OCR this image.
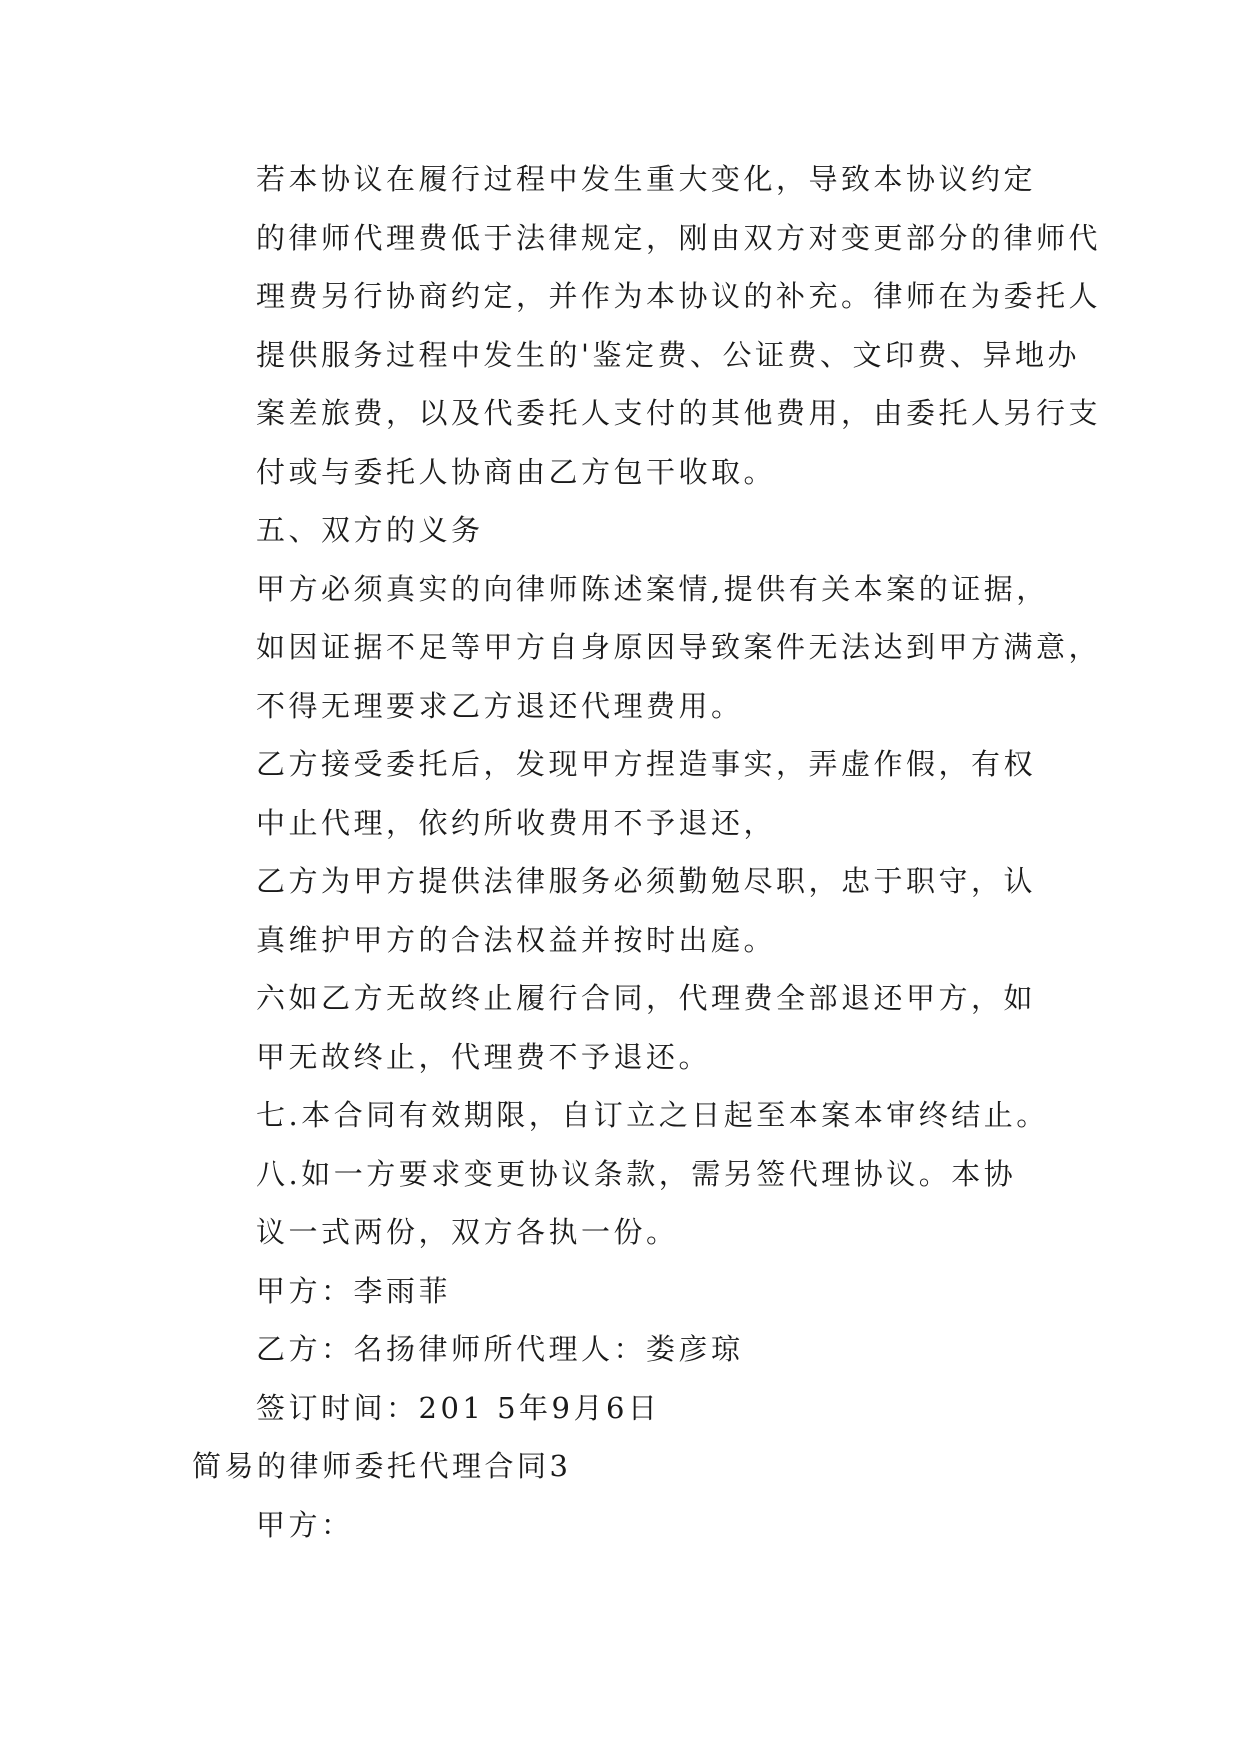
若本协议在履行过程中发生重大变化，导致本协议约定
的律师代理费低于法律规定，刚由双方对变更部分的律师代
理费另行协商约定，并作为本协议的补充。律师在为委托人
提供服务过程中发生的'鉴定费、公证费、文印费、异地办
案差旅费，以及代委托人支付的其他费用，由委托人另行支
付或与委托人协商由乙方包干收取。

五、双方的义务

甲方必须真实的向律师陈述案情,提供有关本案的证据，
如因证据不足等甲方自身原因导致案件无法达到甲方满意，
不得无理要求乙方退还代理费用。

乙方接受委托后，发现甲方捏造事实，弄虚作假，有权
中止代理，依约所收费用不予退还，

乙方为甲方提供法律服务必须勤勉尽职，忠于职守，认
真维护甲方的合法权益并按时出庭。

六如乙方无故终止履行合同，代理费全部退还甲方，如
甲无故终止，代理费不予退还。

七.本合同有效期限，自订立之日起至本案本审终结止。

八.如一方要求变更协议条款，需另签代理协议。本协
议一式两份，双方各执一份。

甲方：李雨菲

乙方：名扬律师所代理人：娄彦琼

签订时间：201 5年9月6日

简易的律师委托代理合同3

甲方：
